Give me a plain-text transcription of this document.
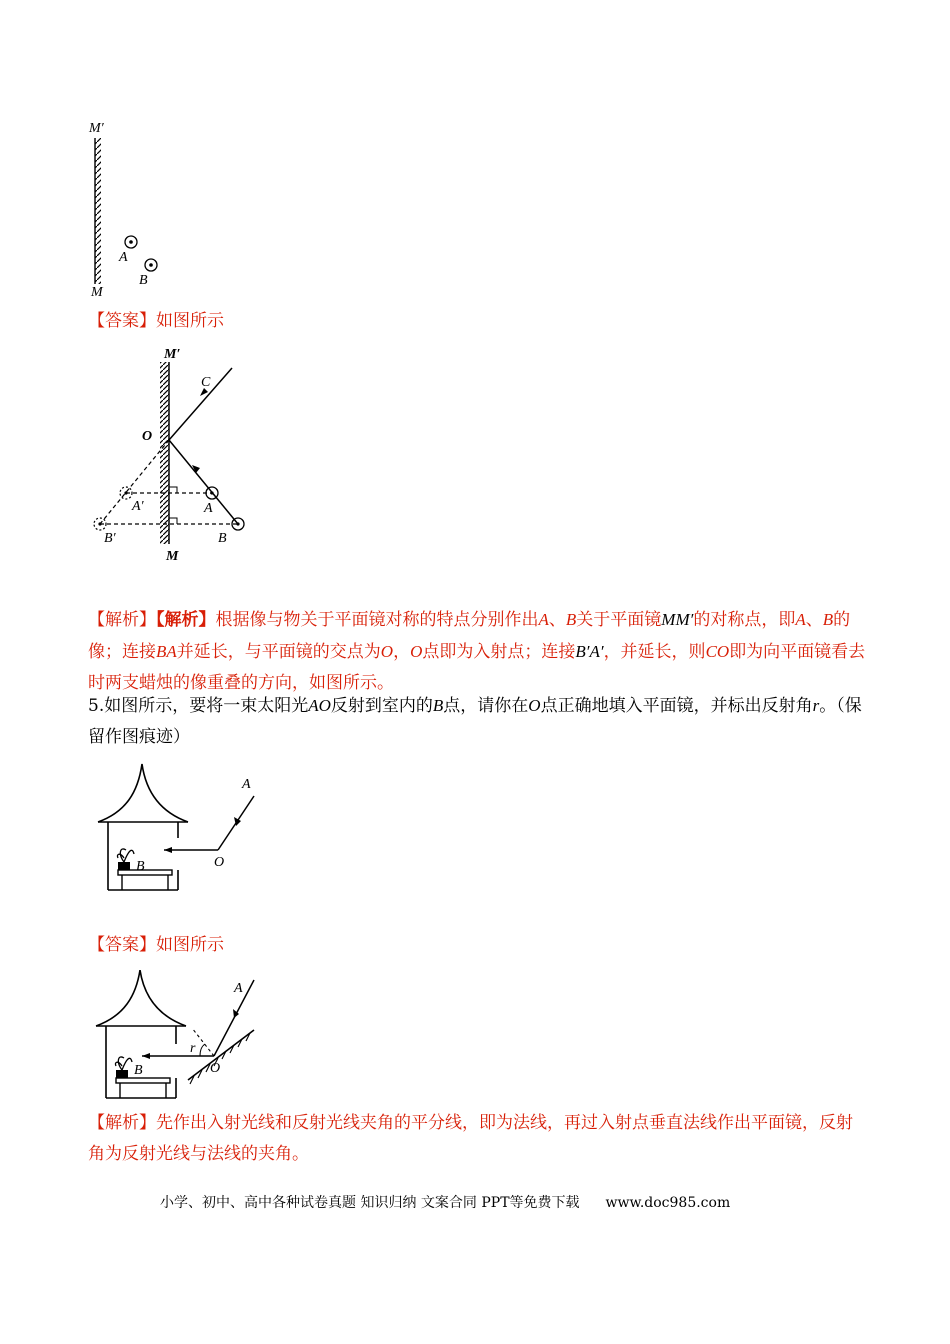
M′
M
A
B
【答案】如图所示
M′
M
O
C
A
B
A′
B′
【解析】【解析】根据像与物关于平面镜对称的特点分别作出A、B关于平面镜MM′的对称点，即A、B的像；连接BA并延长，与平面镜的交点为O，O点即为入射点；连接B′A′，并延长，则CO即为向平面镜看去时两支蜡烛的像重叠的方向，如图所示。
5.如图所示，要将一束太阳光AO反射到室内的B点，请你在O点正确地填入平面镜，并标出反射角r。（保留作图痕迹）
B
A
O
【答案】如图所示
B
A
r
O
【解析】先作出入射光线和反射光线夹角的平分线，即为法线，再过入射点垂直法线作出平面镜，反射角为反射光线与法线的夹角。
小学、初中、高中各种试卷真题 知识归纳 文案合同 PPT等免费下载 www.doc985.com
